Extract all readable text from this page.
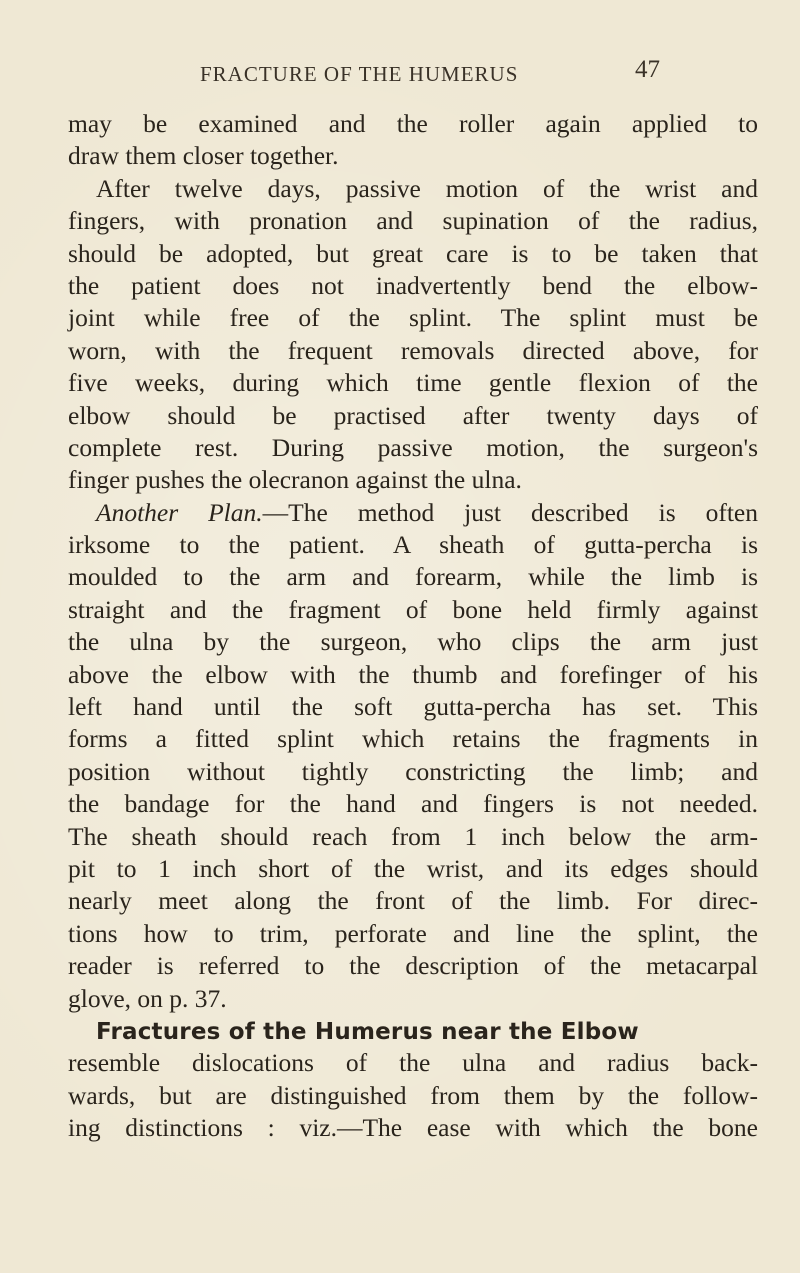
FRACTURE OF THE HUMERUS	47
may be examined and the roller again applied to
draw them closer together.
After twelve days, passive motion of the wrist and
fingers, with pronation and supination of the radius,
should be adopted, but great care is to be taken that
the patient does not inadvertently bend the elbow-
joint while free of the splint. The splint must be
worn, with the frequent removals directed above, for
five weeks, during which time gentle flexion of the
elbow should be practised after twenty days of
complete rest. During passive motion, the surgeon's
finger pushes the olecranon against the ulna.
Another Plan.—The method just described is often
irksome to the patient. A sheath of gutta-percha is
moulded to the arm and forearm, while the limb is
straight and the fragment of bone held firmly against
the ulna by the surgeon, who clips the arm just
above the elbow with the thumb and forefinger of his
left hand until the soft gutta-percha has set. This
forms a fitted splint which retains the fragments in
position without tightly constricting the limb; and
the bandage for the hand and fingers is not needed.
The sheath should reach from 1 inch below the arm-
pit to 1 inch short of the wrist, and its edges should
nearly meet along the front of the limb. For direc-
tions how to trim, perforate and line the splint, the
reader is referred to the description of the metacarpal
glove, on p. 37.
Fractures of the Humerus near the Elbow
resemble dislocations of the ulna and radius back-
wards, but are distinguished from them by the follow-
ing distinctions : viz.—The ease with which the bone
